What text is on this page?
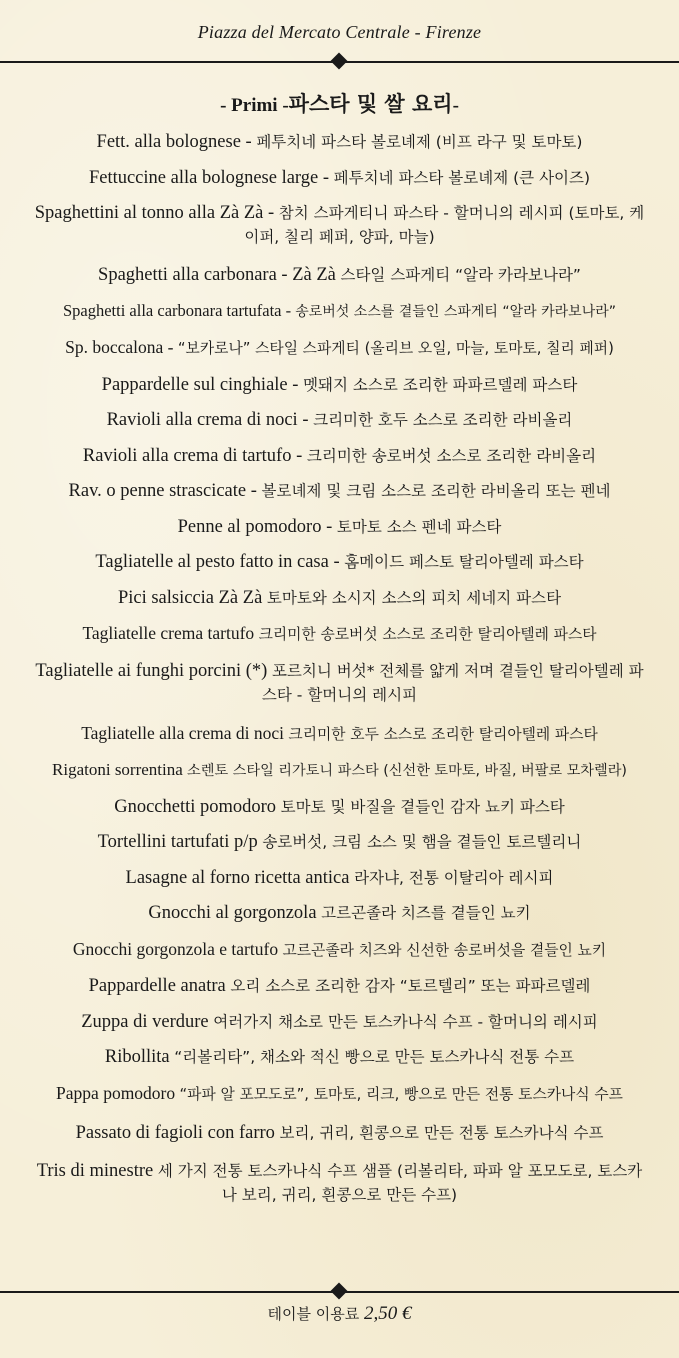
Piazza del Mercato Centrale - Firenze
- Primi -파스타 및 쌀 요리-
Fett. alla bolognese - 페투치네 파스타 볼로녜제 (비프 라구 및 토마토)
Fettuccine alla bolognese large - 페투치네 파스타 볼로녜제 (큰 사이즈)
Spaghettini al tonno alla Zà Zà - 참치 스파게티니 파스타 - 할머니의 레시피 (토마토, 케이퍼, 칠리 페퍼, 양파, 마늘)
Spaghetti alla carbonara - Zà Zà 스타일 스파게티 “알라 카라보나라”
Spaghetti alla carbonara tartufata - 송로버섯 소스를 곁들인 스파게티 “알라 카라보나라”
Sp. boccalona - “보카로나” 스타일 스파게티 (올리브 오일, 마늘, 토마토, 칠리 페퍼)
Pappardelle sul cinghiale - 멧돼지 소스로 조리한 파파르델레 파스타
Ravioli alla crema di noci - 크리미한 호두 소스로 조리한 라비올리
Ravioli alla crema di tartufo - 크리미한 송로버섯 소스로 조리한 라비올리
Rav. o penne strascicate - 볼로녜제 및 크림 소스로 조리한 라비올리 또는 펜네
Penne al pomodoro - 토마토 소스 펜네 파스타
Tagliatelle al pesto fatto in casa - 홈메이드 페스토 탈리아텔레 파스타
Pici salsiccia Zà Zà 토마토와 소시지 소스의 피치 세네지 파스타
Tagliatelle crema tartufo 크리미한 송로버섯 소스로 조리한 탈리아텔레 파스타
Tagliatelle ai funghi porcini (*) 포르치니 버섯* 전체를 얇게 저며 곁들인 탈리아텔레 파스타 - 할머니의 레시피
Tagliatelle alla crema di noci 크리미한 호두 소스로 조리한 탈리아텔레 파스타
Rigatoni sorrentina 소렌토 스타일 리가토니 파스타 (신선한 토마토, 바질, 버팔로 모차렐라)
Gnocchetti pomodoro 토마토 및 바질을 곁들인 감자 뇨키 파스타
Tortellini tartufati p/p 송로버섯, 크림 소스 및 햄을 곁들인 토르텔리니
Lasagne al forno ricetta antica 라자냐, 전통 이탈리아 레시피
Gnocchi al gorgonzola 고르곤졸라 치즈를 곁들인 뇨키
Gnocchi gorgonzola e tartufo 고르곤졸라 치즈와 신선한 송로버섯을 곁들인 뇨키
Pappardelle anatra 오리 소스로 조리한 감자 “토르텔리” 또는 파파르델레
Zuppa di verdure 여러가지 채소로 만든 토스카나식 수프 - 할머니의 레시피
Ribollita “리볼리타”, 채소와 적신 빵으로 만든 토스카나식 전통 수프
Pappa pomodoro “파파 알 포모도로”, 토마토, 리크, 빵으로 만든 전통 토스카나식 수프
Passato di fagioli con farro 보리, 귀리, 흰콩으로 만든 전통 토스카나식 수프
Tris di minestre 세 가지 전통 토스카나식 수프 샘플 (리볼리타, 파파 알 포모도로, 토스카나 보리, 귀리, 흰콩으로 만든 수프)
테이블 이용료 2,50 €
